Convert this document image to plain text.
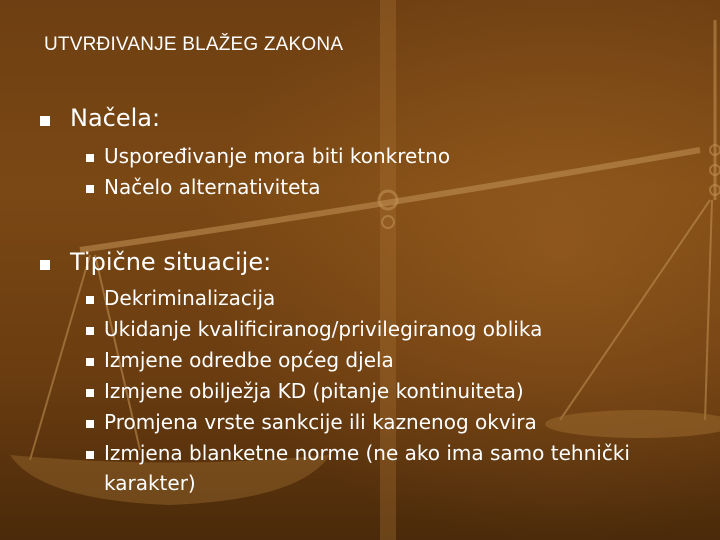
UTVRĐIVANJE BLAŽEG ZAKONA
Načela:
Uspoređivanje mora biti konkretno
Načelo alternativiteta
Tipične situacije:
Dekriminalizacija
Ukidanje kvalificiranog/privilegiranog oblika
Izmjene odredbe općeg djela
Izmjene obilježja KD (pitanje kontinuiteta)
Promjena vrste sankcije ili kaznenog okvira
Izmjena blanketne norme (ne ako ima samo tehnički
karakter)
